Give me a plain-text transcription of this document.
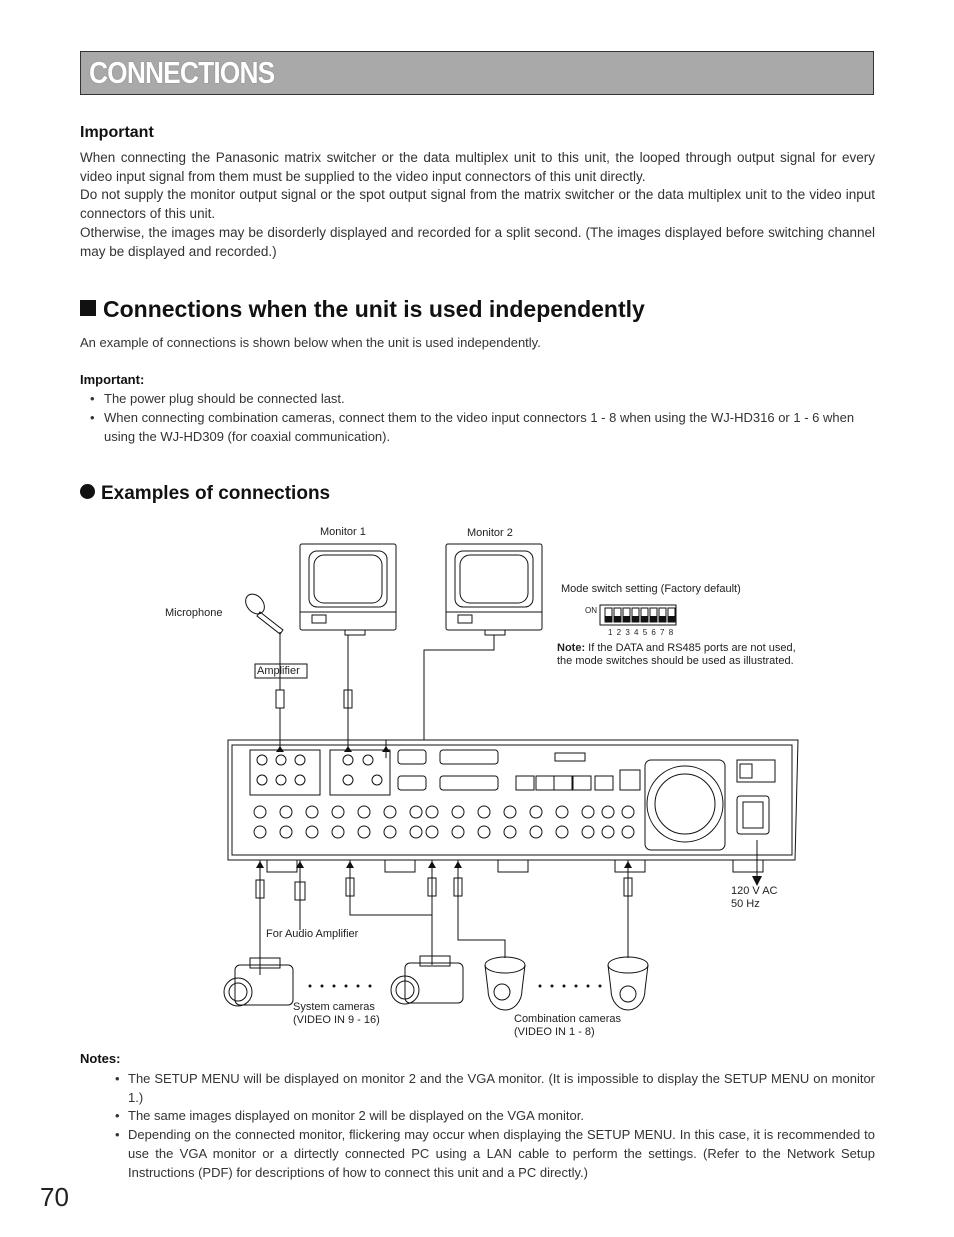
CONNECTIONS
Important
When connecting the Panasonic matrix switcher or the data multiplex unit to this unit, the looped through output signal for every video input signal from them must be supplied to the video input connectors of this unit directly.
Do not supply the monitor output signal or the spot output signal from the matrix switcher or the data multiplex unit to the video input connectors of this unit.
Otherwise, the images may be disorderly displayed and recorded for a split second. (The images displayed before switching channel may be displayed and recorded.)
Connections when the unit is used independently
An example of connections is shown below when the unit is used independently.
Important:
• The power plug should be connected last.
• When connecting combination cameras, connect them to the video input connectors 1 - 8 when using the WJ-HD316 or 1 - 6 when using the WJ-HD309 (for coaxial communication).
Examples of connections
Monitor 1	Monitor 2
Microphone
Amplifier
Mode switch setting (Factory default)
ON
1 2 3 4 5 6 7 8
Note: If the DATA and RS485 ports are not used, the mode switches should be used as illustrated.
120 V AC
50 Hz
For Audio Amplifier
System cameras
(VIDEO IN 9 - 16)	Combination cameras
(VIDEO IN 1 - 8)
Notes:
• The SETUP MENU will be displayed on monitor 2 and the VGA monitor. (It is impossible to display the SETUP MENU on monitor 1.)
• The same images displayed on monitor 2 will be displayed on the VGA monitor.
• Depending on the connected monitor, flickering may occur when displaying the SETUP MENU. In this case, it is recommended to use the VGA monitor or a dirtectly connected PC using a LAN cable to perform the settings. (Refer to the Network Setup Instructions (PDF) for descriptions of how to connect this unit and a PC directly.)
70
